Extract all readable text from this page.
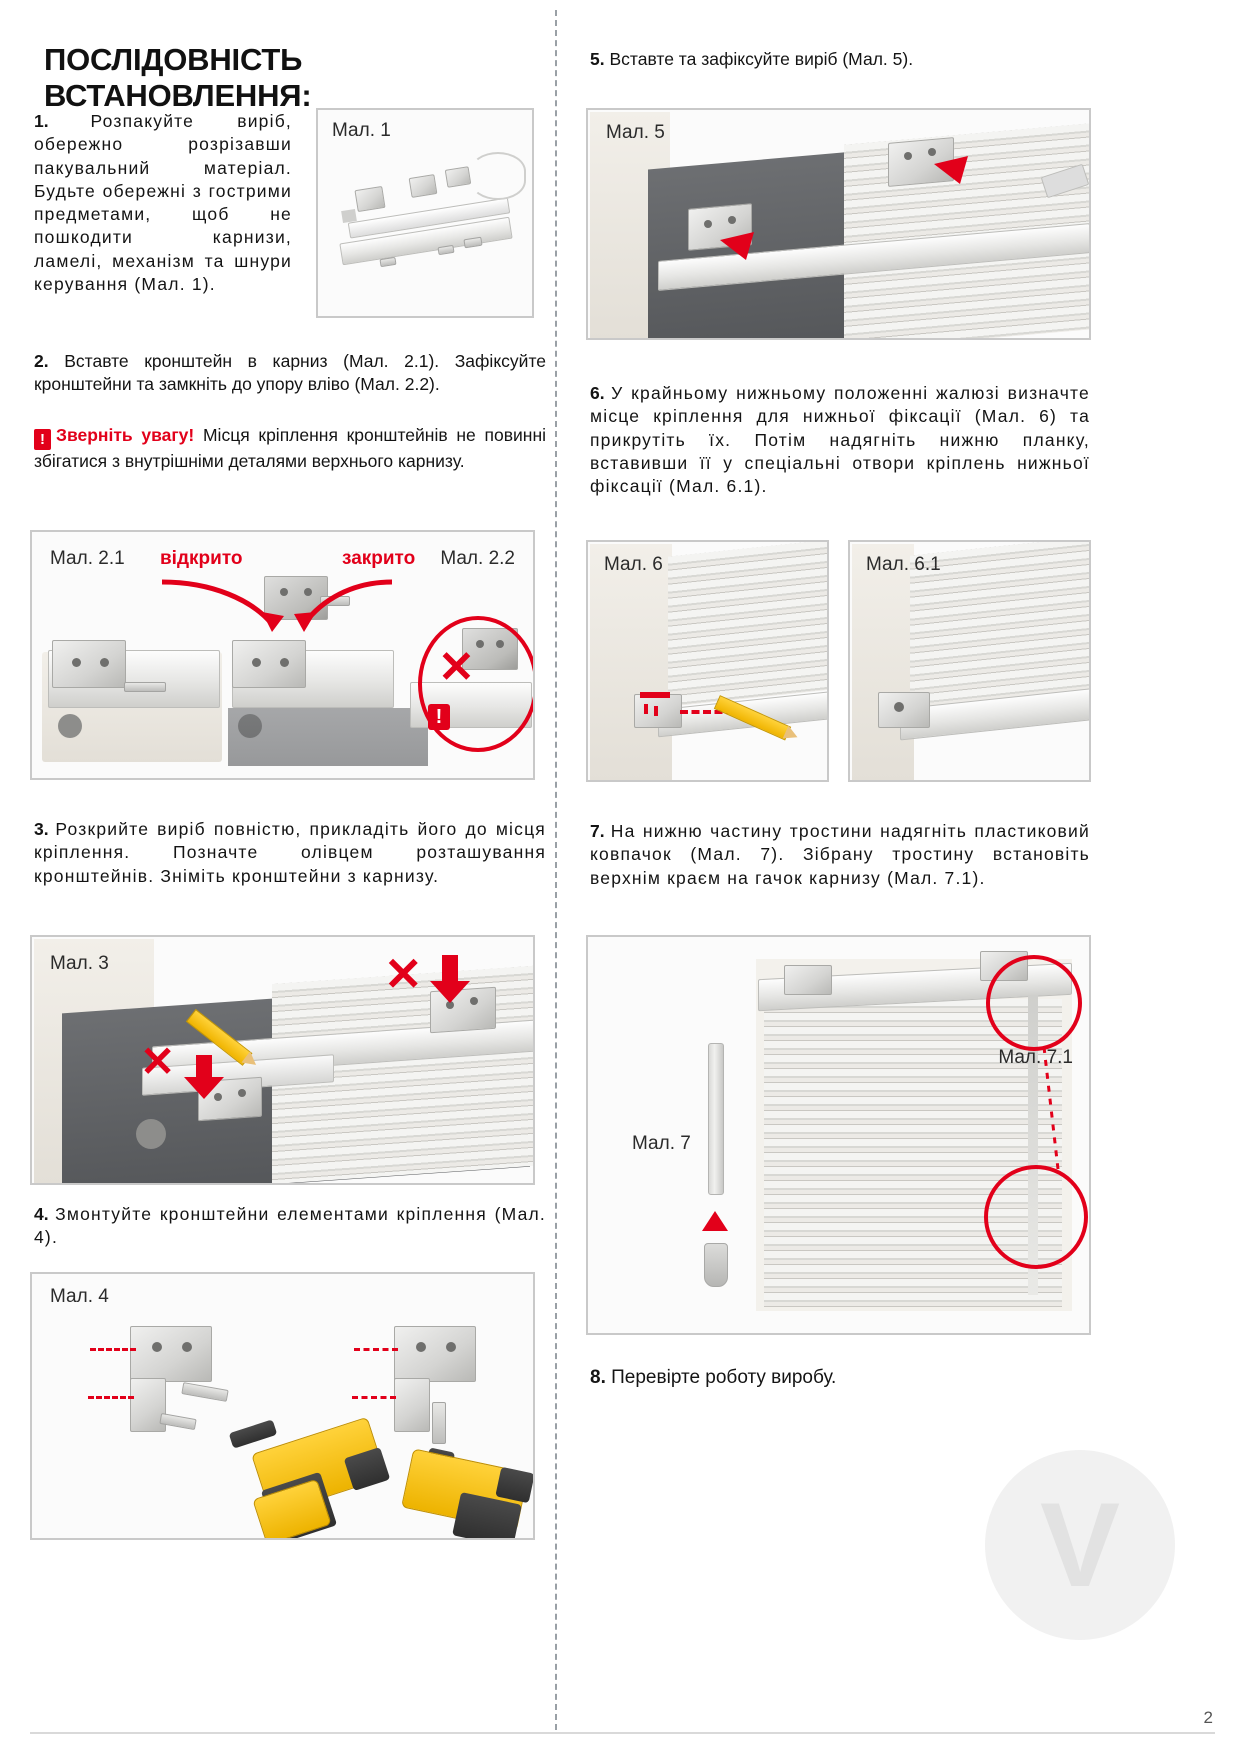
V
ПОСЛІДОВНІСТЬ ВСТАНОВЛЕННЯ:
1. Розпакуйте виріб, обережно розрізавши пакувальний матеріал. Будьте обережні з гострими предметами, щоб не пошкодити карнизи, ламелі, механізм та шнури керування (Мал. 1).
Мал. 1
2. Вставте кронштейн в карниз (Мал. 2.1). Зафіксуйте кронштейни та замкніть до упору вліво (Мал. 2.2).
! Зверніть увагу! Місця кріплення кронштейнів не повинні збігатися з внутрішніми деталями верхнього карнизу.
Мал. 2.1	Мал. 2.2
відкрито	закрито
✕
!
3. Розкрийте виріб повністю, прикладіть його до місця кріплення. Позначте олівцем розташування кронштейнів. Зніміть кронштейни з карнизу.
Мал. 3	✕
✕
4. Змонтуйте кронштейни елементами кріплення (Мал. 4).
Мал. 4
5. Вставте та зафіксуйте виріб (Мал. 5).
Мал. 5
6. У крайньому нижньому положенні жалюзі визначте місце кріплення для нижньої фіксації (Мал. 6) та прикрутіть їх. Потім надягніть нижню планку, вставивши її у спеціальні отвори кріплень нижньої фіксації (Мал. 6.1).
Мал. 6	Мал. 6.1
7. На нижню частину тростини надягніть пластиковий ковпачок (Мал. 7). Зібрану тростину встановіть верхнім краєм на гачок карнизу (Мал. 7.1).
Мал. 7
Мал. 7.1
8. Перевірте роботу виробу.
2
